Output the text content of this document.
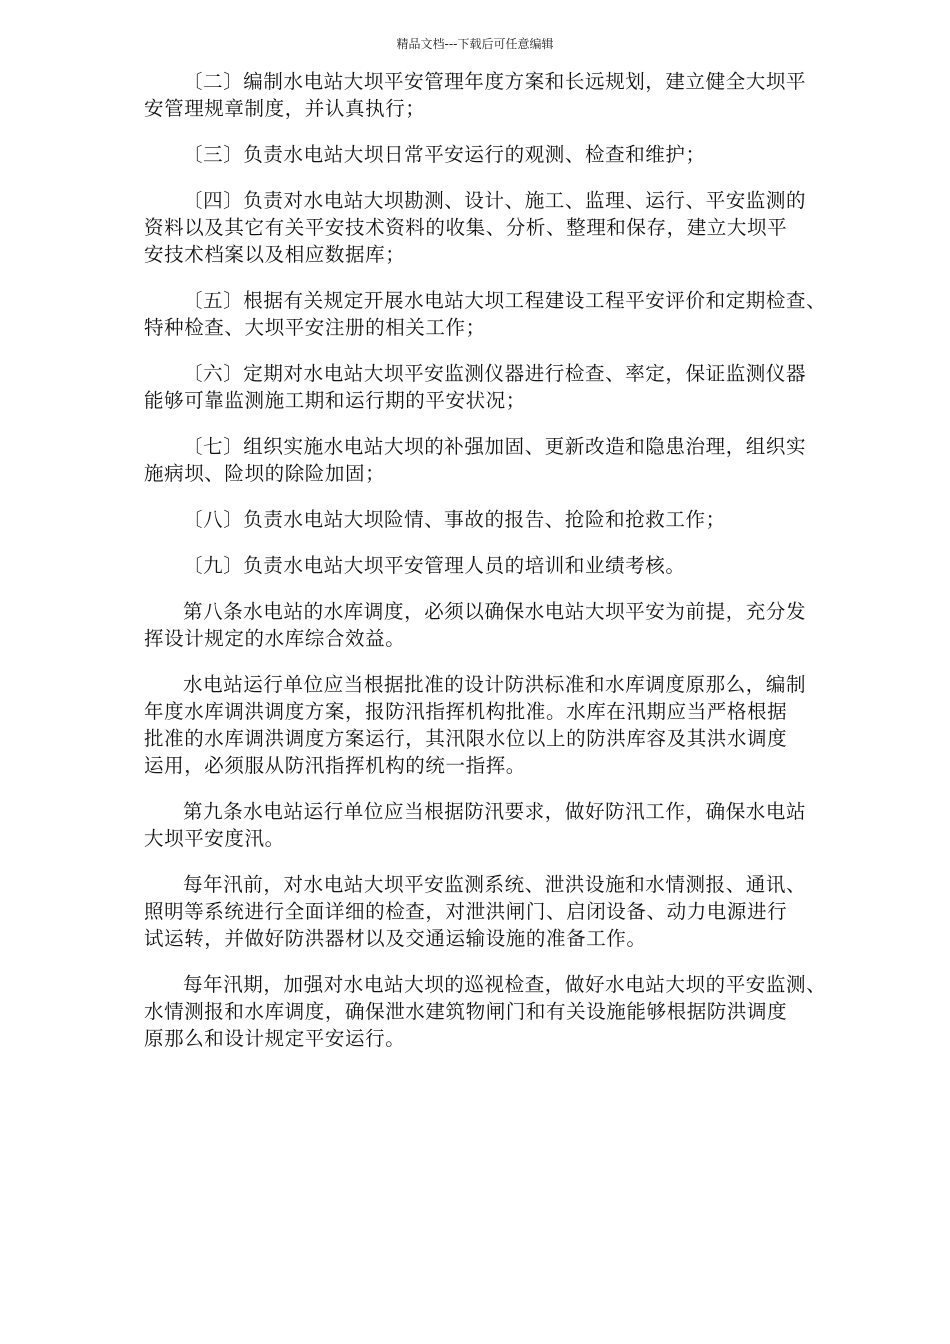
精品文档---下载后可任意编辑

〔二〕编制水电站大坝平安管理年度方案和长远规划，建立健全大坝平
安管理规章制度，并认真执行；

〔三〕负责水电站大坝日常平安运行的观测、检查和维护；

〔四〕负责对水电站大坝勘测、设计、施工、监理、运行、平安监测的
资料以及其它有关平安技术资料的收集、分析、整理和保存，建立大坝平
安技术档案以及相应数据库；

〔五〕根据有关规定开展水电站大坝工程建设工程平安评价和定期检查、
特种检查、大坝平安注册的相关工作；

〔六〕定期对水电站大坝平安监测仪器进行检查、率定，保证监测仪器
能够可靠监测施工期和运行期的平安状况；

〔七〕组织实施水电站大坝的补强加固、更新改造和隐患治理，组织实
施病坝、险坝的除险加固；

〔八〕负责水电站大坝险情、事故的报告、抢险和抢救工作；

〔九〕负责水电站大坝平安管理人员的培训和业绩考核。

第八条水电站的水库调度，必须以确保水电站大坝平安为前提，充分发
挥设计规定的水库综合效益。

水电站运行单位应当根据批准的设计防洪标准和水库调度原那么，编制
年度水库调洪调度方案，报防汛指挥机构批准。水库在汛期应当严格根据
批准的水库调洪调度方案运行，其汛限水位以上的防洪库容及其洪水调度
运用，必须服从防汛指挥机构的统一指挥。

第九条水电站运行单位应当根据防汛要求，做好防汛工作，确保水电站
大坝平安度汛。

每年汛前，对水电站大坝平安监测系统、泄洪设施和水情测报、通讯、
照明等系统进行全面详细的检查，对泄洪闸门、启闭设备、动力电源进行
试运转，并做好防洪器材以及交通运输设施的准备工作。

每年汛期，加强对水电站大坝的巡视检查，做好水电站大坝的平安监测、
水情测报和水库调度，确保泄水建筑物闸门和有关设施能够根据防洪调度
原那么和设计规定平安运行。
